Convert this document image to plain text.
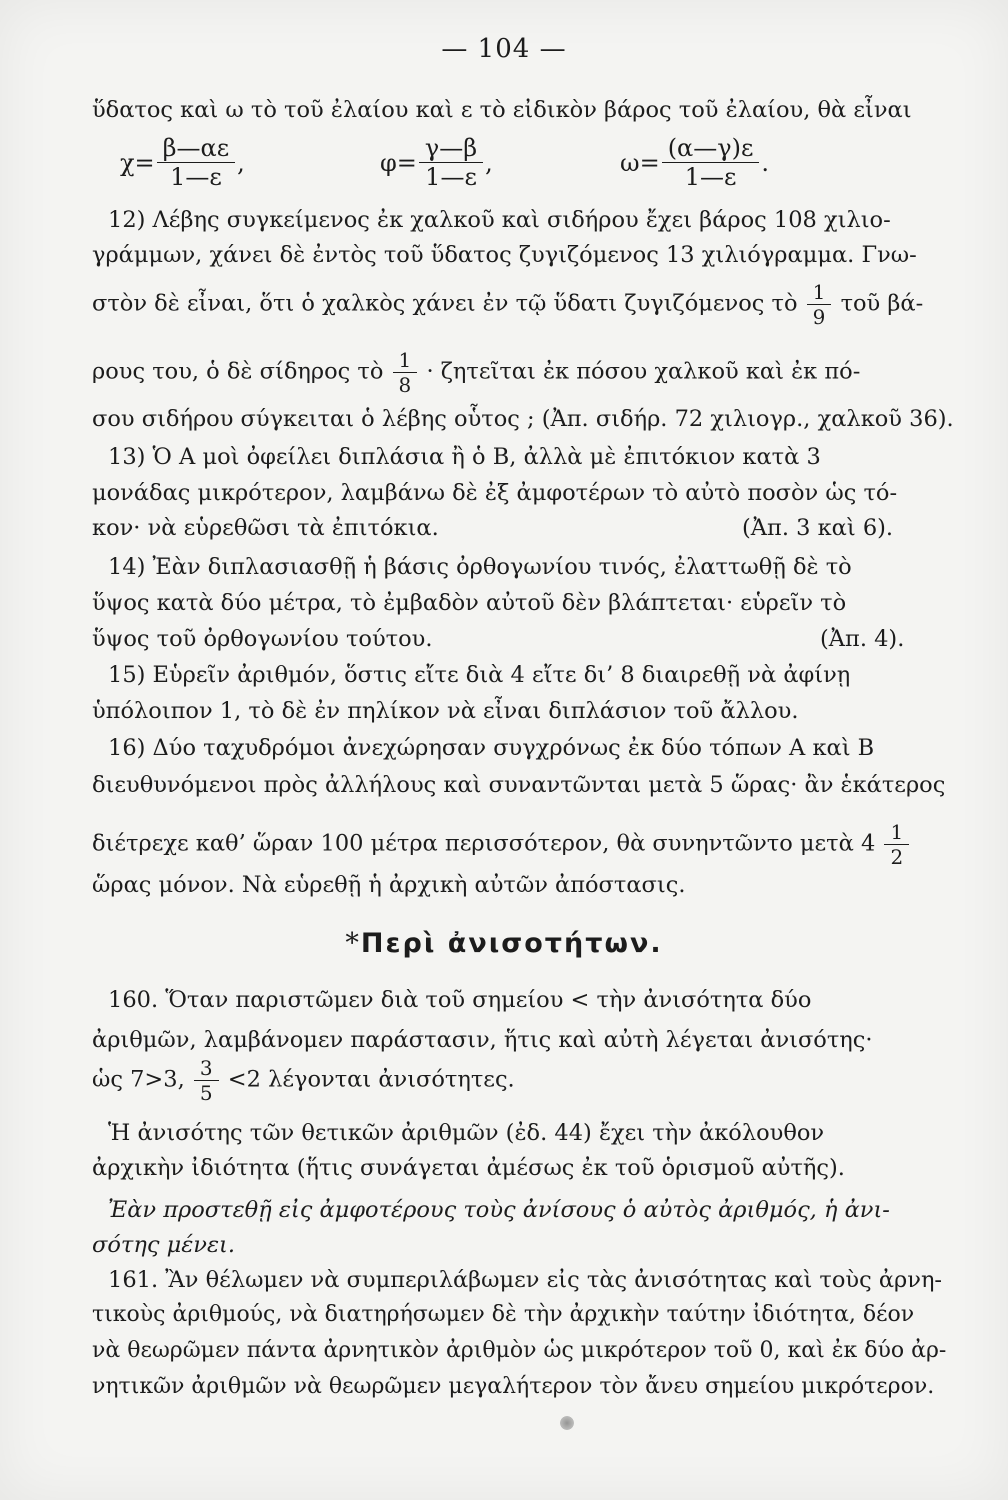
— 104 —
ὕδατος καὶ ω τὸ τοῦ ἐλαίου καὶ ε τὸ εἰδικὸν βάρος τοῦ ἐλαίου, θὰ εἶναι
$\chi= \frac{\beta—\alpha\varepsilon}{1—\varepsilon}$ ,	$\varphi= \frac{\gamma—\beta}{1—\varepsilon}$ ,	$\omega= \frac{(\alpha—\gamma)\varepsilon}{1—\varepsilon}$ .
12) Λέβης συγκείμενος ἐκ χαλκοῦ καὶ σιδήρου ἔχει βάρος 108 χιλιο-
γράμμων, χάνει δὲ ἐντὸς τοῦ ὕδατος ζυγιζόμενος 13 χιλιόγραμμα. Γνω-
στὸν δὲ εἶναι, ὅτι ὁ χαλκὸς χάνει ἐν τῷ ὕδατι ζυγιζόμενος τὸ $\frac{1}{9}$ τοῦ βά-
ρους του, ὁ δὲ σίδηρος τὸ $\frac{1}{8}$ · ζητεῖται ἐκ πόσου χαλκοῦ καὶ ἐκ πό-
σου σιδήρου σύγκειται ὁ λέβης οὗτος ; (Ἀπ. σιδήρ. 72 χιλιογρ., χαλκοῦ 36).
13) Ὁ Α μοὶ ὀφείλει διπλάσια ἢ ὁ Β, ἀλλὰ μὲ ἐπιτόκιον κατὰ 3
μονάδας μικρότερον, λαμβάνω δὲ ἐξ ἀμφοτέρων τὸ αὐτὸ ποσὸν ὡς τό-
κον· νὰ εὑρεθῶσι τὰ ἐπιτόκια.	(Ἀπ. 3 καὶ 6).
14) Ἐὰν διπλασιασθῇ ἡ βάσις ὀρθογωνίου τινός, ἐλαττωθῇ δὲ τὸ
ὕψος κατὰ δύο μέτρα, τὸ ἐμβαδὸν αὐτοῦ δὲν βλάπτεται· εὑρεῖν τὸ
ὕψος τοῦ ὀρθογωνίου τούτου.	(Ἀπ. 4).
15) Εὑρεῖν ἀριθμόν, ὅστις εἴτε διὰ 4 εἴτε δι’ 8 διαιρεθῇ νὰ ἀφίνῃ
ὑπόλοιπον 1, τὸ δὲ ἐν πηλίκον νὰ εἶναι διπλάσιον τοῦ ἄλλου.
16) Δύο ταχυδρόμοι ἀνεχώρησαν συγχρόνως ἐκ δύο τόπων Α καὶ Β
διευθυνόμενοι πρὸς ἀλλήλους καὶ συναντῶνται μετὰ 5 ὥρας· ἂν ἑκάτερος
διέτρεχε καθ’ ὥραν 100 μέτρα περισσότερον, θὰ συνηντῶντο μετὰ $4 \frac{1}{2}$
ὥρας μόνον. Νὰ εὑρεθῇ ἡ ἀρχικὴ αὐτῶν ἀπόστασις.
*Περὶ ἀνισοτήτων.
160. Ὅταν παριστῶμεν διὰ τοῦ σημείου < τὴν ἀνισότητα δύο
ἀριθμῶν, λαμβάνομεν παράστασιν, ἥτις καὶ αὐτὴ λέγεται ἀνισότης·
ὡς 7>3, $\frac{3}{5} <2$ λέγονται ἀνισότητες.
Ἡ ἀνισότης τῶν θετικῶν ἀριθμῶν (ἐδ. 44) ἔχει τὴν ἀκόλουθον
ἀρχικὴν ἰδιότητα (ἥτις συνάγεται ἀμέσως ἐκ τοῦ ὁρισμοῦ αὐτῆς).
Ἐὰν προστεθῇ εἰς ἀμφοτέρους τοὺς ἀνίσους ὁ αὐτὸς ἀριθμός, ἡ ἀνι-
σότης μένει.
161. Ἂν θέλωμεν νὰ συμπεριλάβωμεν εἰς τὰς ἀνισότητας καὶ τοὺς ἀρνη-
τικοὺς ἀριθμούς, νὰ διατηρήσωμεν δὲ τὴν ἀρχικὴν ταύτην ἰδιότητα, δέον
νὰ θεωρῶμεν πάντα ἀρνητικὸν ἀριθμὸν ὡς μικρότερον τοῦ 0, καὶ ἐκ δύο ἀρ-
νητικῶν ἀριθμῶν νὰ θεωρῶμεν μεγαλήτερον τὸν ἄνευ σημείου μικρότερον.
